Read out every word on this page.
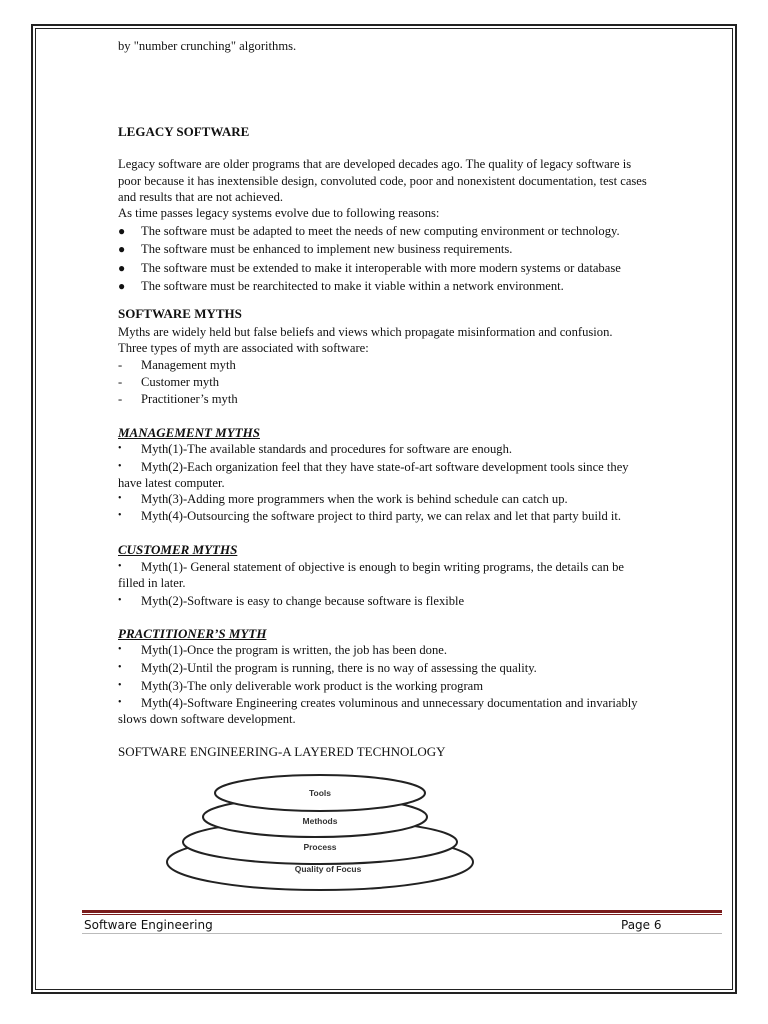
by "number crunching" algorithms.
LEGACY SOFTWARE
Legacy software are older programs that are developed decades ago. The quality of legacy software is
poor because it has inextensible design, convoluted code, poor and nonexistent documentation, test cases
and results that are not achieved.
As time passes legacy systems evolve due to following reasons:
● The software must be adapted to meet the needs of new computing environment or technology.
● The software must be enhanced to implement new business requirements.
● The software must be extended to make it interoperable with more modern systems or database
● The software must be rearchitected to make it viable within a network environment.
SOFTWARE MYTHS
Myths are widely held but false beliefs and views which propagate misinformation and confusion.
Three types of myth are associated with software:
- Management myth
- Customer myth
- Practitioner’s myth
MANAGEMENT MYTHS
• Myth(1)-The available standards and procedures for software are enough.
• Myth(2)-Each organization feel that they have state-of-art software development tools since they
have latest computer.
• Myth(3)-Adding more programmers when the work is behind schedule can catch up.
• Myth(4)-Outsourcing the software project to third party, we can relax and let that party build it.
CUSTOMER MYTHS
• Myth(1)- General statement of objective is enough to begin writing programs, the details can be
filled in later.
• Myth(2)-Software is easy to change because software is flexible
PRACTITIONER’S MYTH
• Myth(1)-Once the program is written, the job has been done.
• Myth(2)-Until the program is running, there is no way of assessing the quality.
• Myth(3)-The only deliverable work product is the working program
• Myth(4)-Software Engineering creates voluminous and unnecessary documentation and invariably
slows down software development.
SOFTWARE ENGINEERING-A LAYERED TECHNOLOGY
Tools
Methods
Process
Quality of Focus
Software Engineering	Page 6
